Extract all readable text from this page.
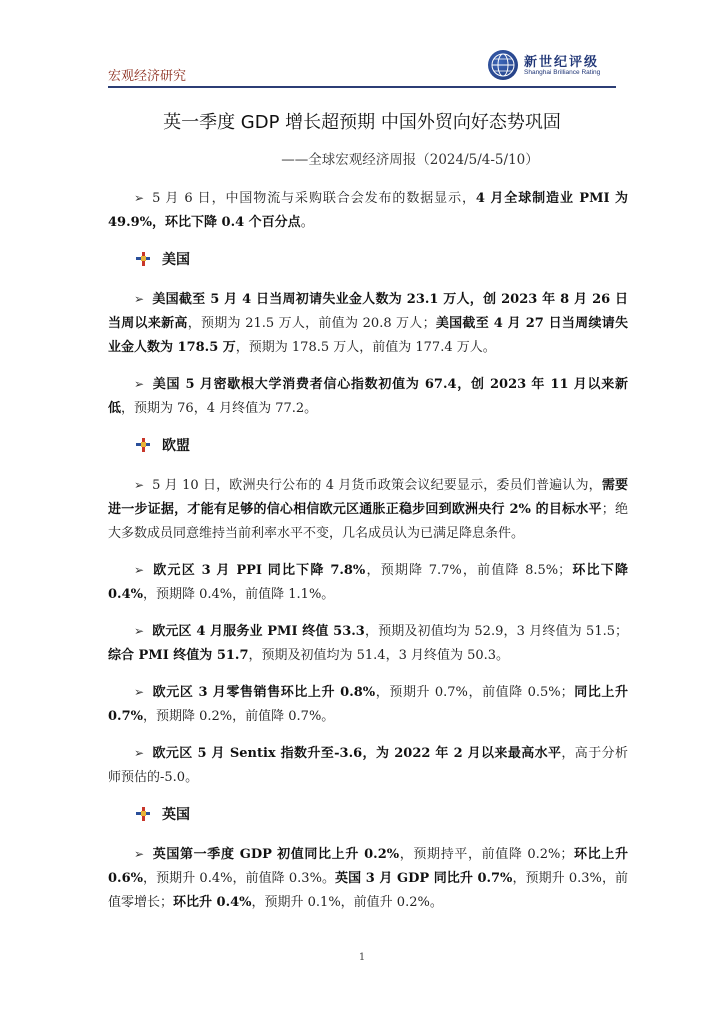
宏观经济研究
新世纪评级
Shanghai Brilliance Rating
英一季度 GDP 增长超预期 中国外贸向好态势巩固
——全球宏观经济周报（2024/5/4-5/10）

➢ 5 月 6 日，中国物流与采购联合会发布的数据显示，4 月全球制造业 PMI 为 49.9%，环比下降 0.4 个百分点。

美国

➢ 美国截至 5 月 4 日当周初请失业金人数为 23.1 万人，创 2023 年 8 月 26 日当周以来新高，预期为 21.5 万人，前值为 20.8 万人；美国截至 4 月 27 日当周续请失业金人数为 178.5 万，预期为 178.5 万人，前值为 177.4 万人。

➢ 美国 5 月密歇根大学消费者信心指数初值为 67.4，创 2023 年 11 月以来新低，预期为 76，4 月终值为 77.2。

欧盟

➢ 5 月 10 日，欧洲央行公布的 4 月货币政策会议纪要显示，委员们普遍认为，需要进一步证据，才能有足够的信心相信欧元区通胀正稳步回到欧洲央行 2% 的目标水平；绝大多数成员同意维持当前利率水平不变，几名成员认为已满足降息条件。

➢ 欧元区 3 月 PPI 同比下降 7.8%，预期降 7.7%，前值降 8.5%；环比下降 0.4%，预期降 0.4%，前值降 1.1%。

➢ 欧元区 4 月服务业 PMI 终值 53.3，预期及初值均为 52.9，3 月终值为 51.5；综合 PMI 终值为 51.7，预期及初值均为 51.4，3 月终值为 50.3。

➢ 欧元区 3 月零售销售环比上升 0.8%，预期升 0.7%，前值降 0.5%；同比上升 0.7%，预期降 0.2%，前值降 0.7%。

➢ 欧元区 5 月 Sentix 指数升至-3.6，为 2022 年 2 月以来最高水平，高于分析师预估的-5.0。

英国

➢ 英国第一季度 GDP 初值同比上升 0.2%，预期持平，前值降 0.2%；环比上升 0.6%，预期升 0.4%，前值降 0.3%。英国 3 月 GDP 同比升 0.7%，预期升 0.3%，前值零增长；环比升 0.4%，预期升 0.1%，前值升 0.2%。

1
